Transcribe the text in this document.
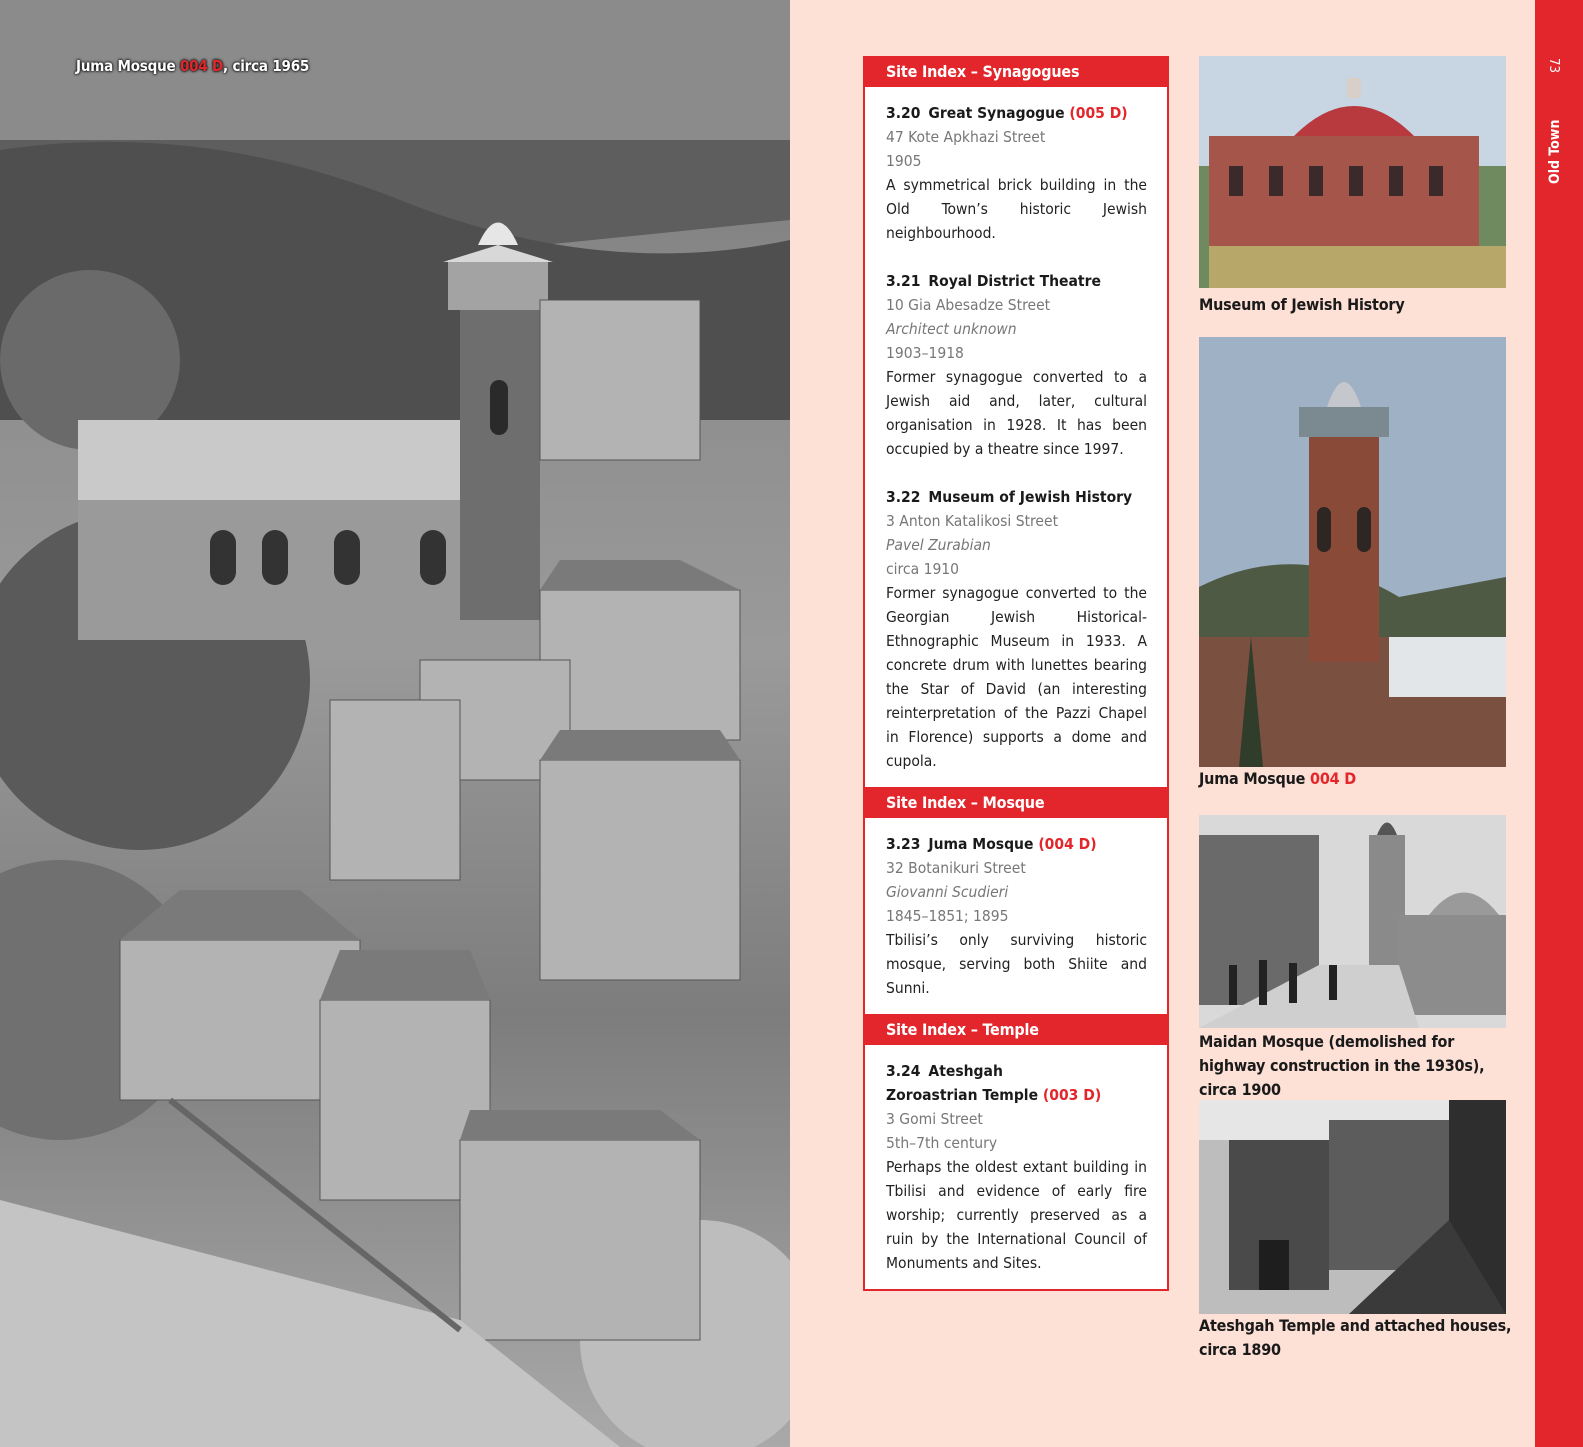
Juma Mosque 004 D, circa 1965	Site Index – Synagogues
3.20 Great Synagogue (005 D)
47 Kote Apkhazi Street
1905
A symmetrical brick building in the Old Town’s historic Jewish neighbourhood.
3.21 Royal District Theatre
10 Gia Abesadze Street
Architect unknown
1903–1918
Former synagogue converted to a Jewish aid and, later, cultural organisation in 1928. It has been occupied by a theatre since 1997.
3.22 Museum of Jewish History
3 Anton Katalikosi Street
Pavel Zurabian
circa 1910
Former synagogue converted to the Georgian Jewish Historical-Ethnographic Museum in 1933. A concrete drum with lunettes bearing the Star of David (an interesting reinterpretation of the Pazzi Chapel in Florence) supports a dome and cupola.
Site Index – Mosque
3.23 Juma Mosque (004 D)
32 Botanikuri Street
Giovanni Scudieri
1845–1851; 1895
Tbilisi’s only surviving historic mosque, serving both Shiite and Sunni.
Site Index – Temple
3.24 Ateshgah
Zoroastrian Temple (003 D)
3 Gomi Street
5th–7th century
Perhaps the oldest extant building in Tbilisi and evidence of early fire worship; currently preserved as a ruin by the International Council of Monuments and Sites.
Museum of Jewish History
Juma Mosque 004 D
Maidan Mosque (demolished for highway construction in the 1930s), circa 1900
Ateshgah Temple and attached houses, circa 1890
73
Old Town
